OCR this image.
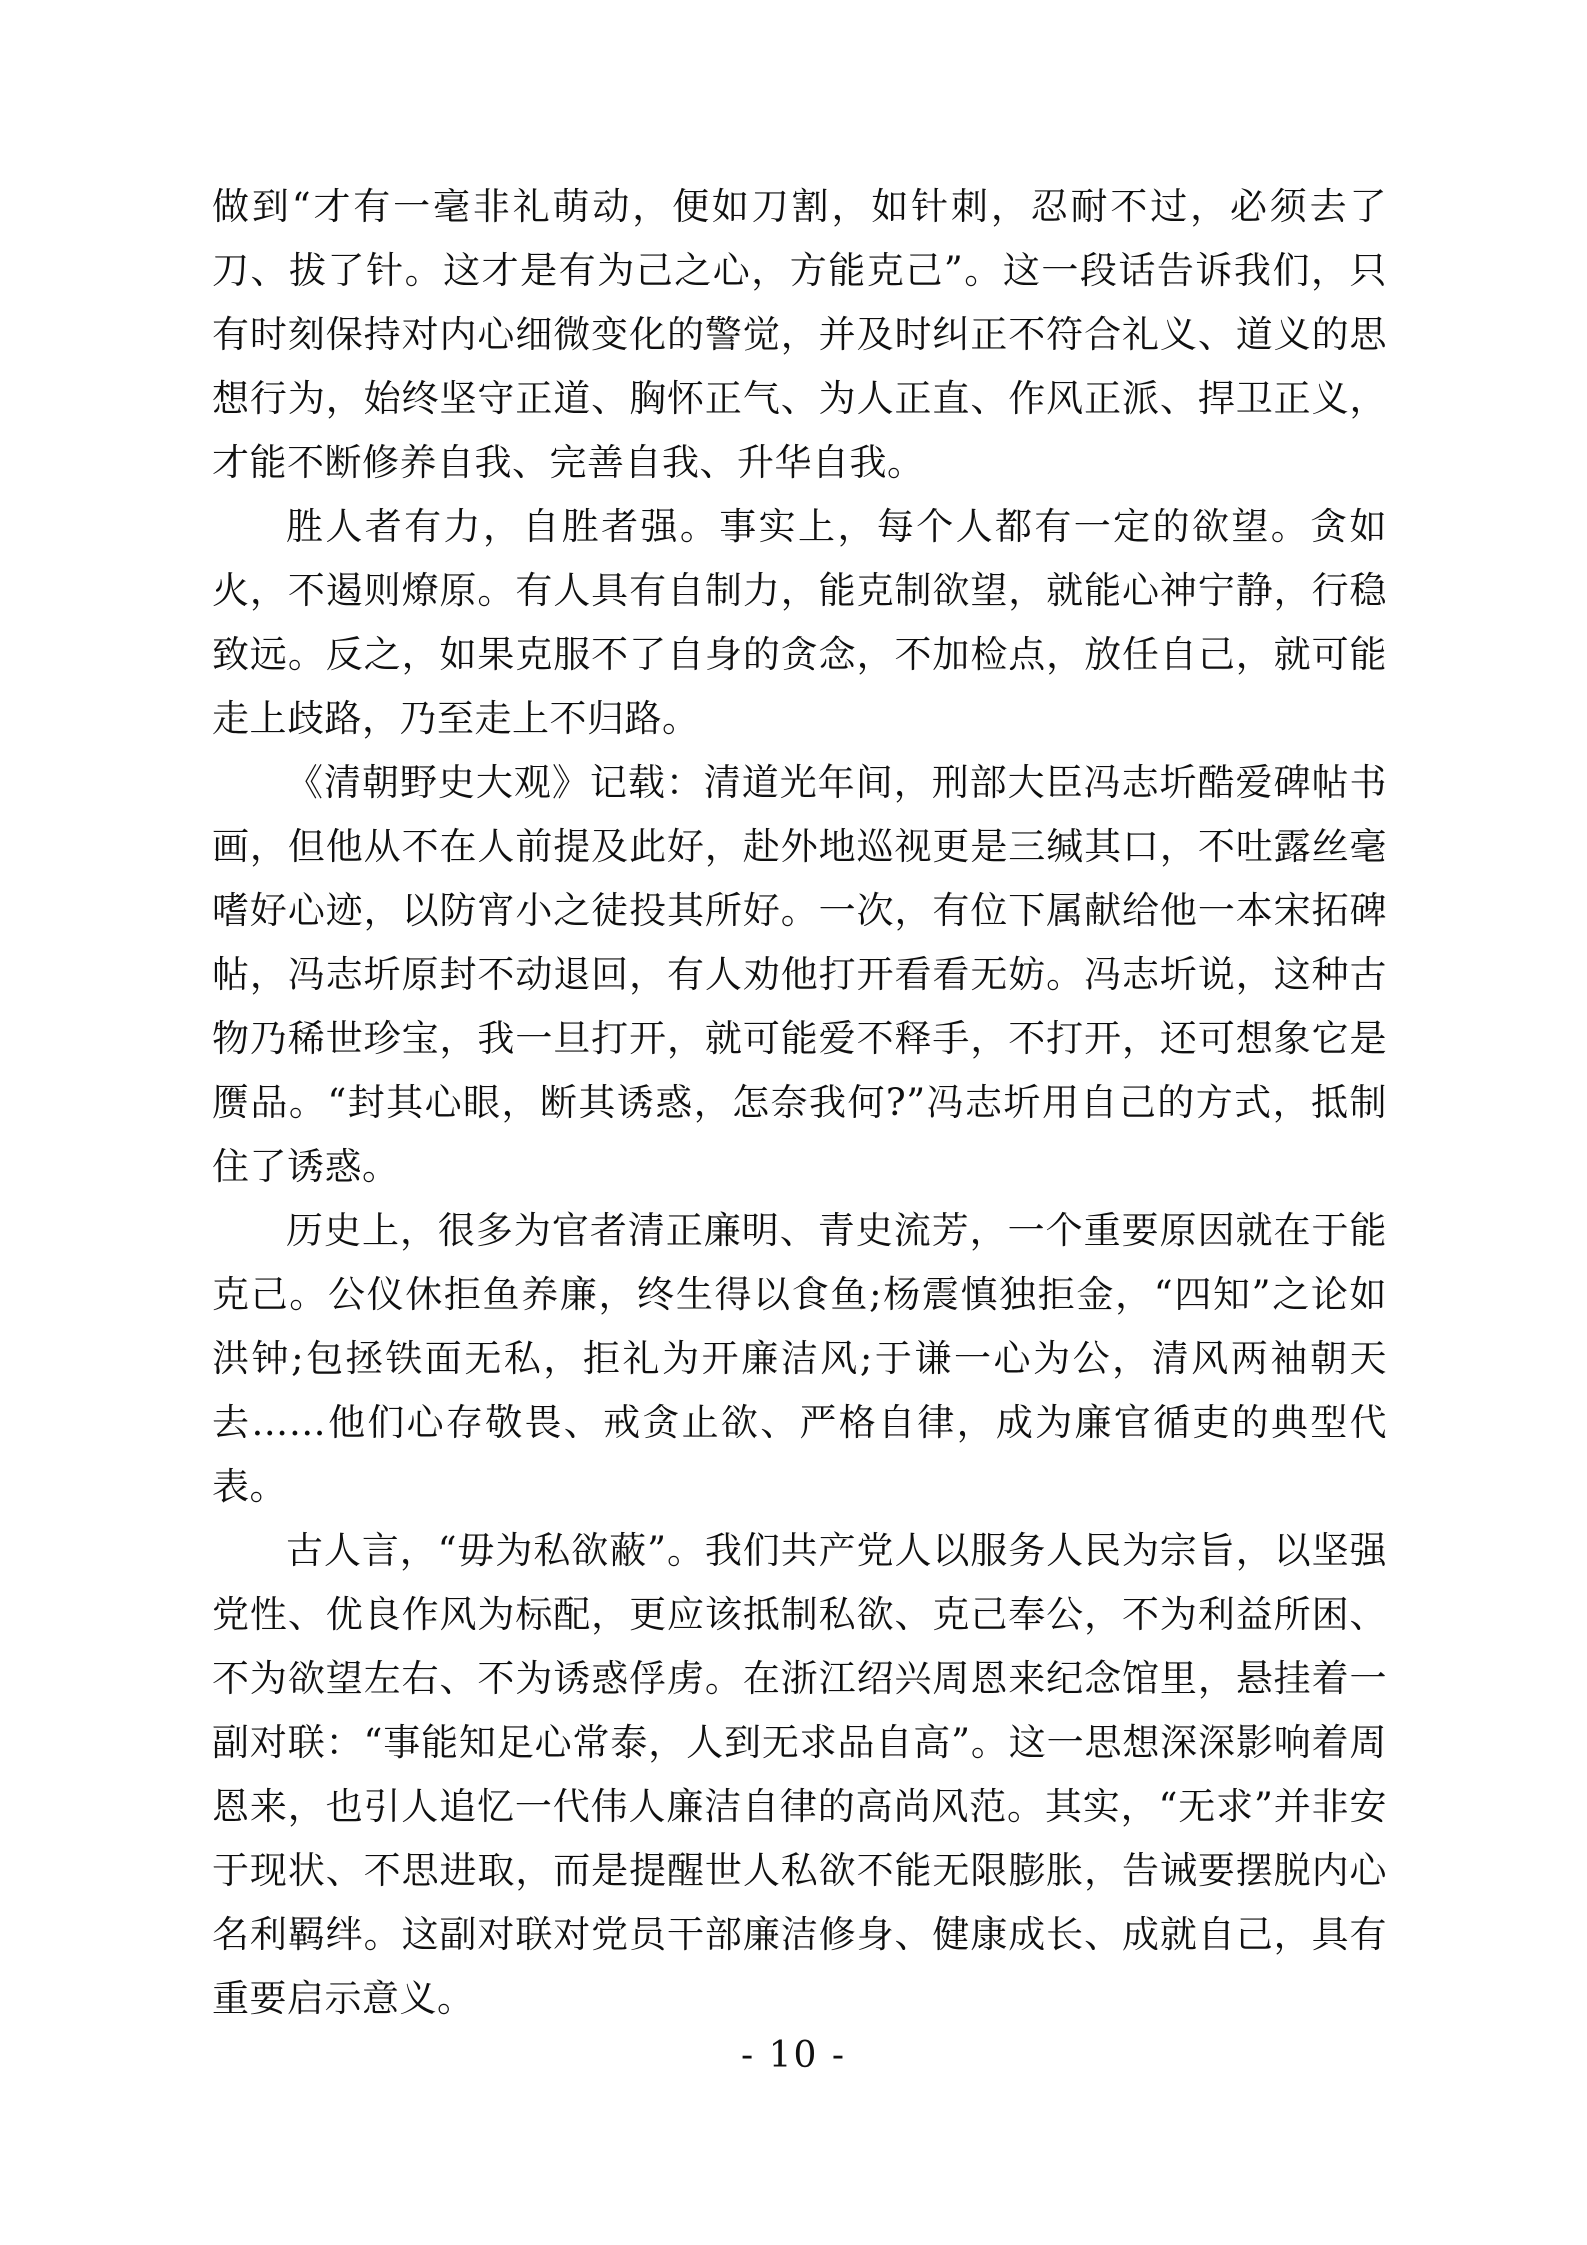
做到“才有一毫非礼萌动，便如刀割，如针刺，忍耐不过，必须去了刀、拔了针。这才是有为己之心，方能克己”。这一段话告诉我们，只有时刻保持对内心细微变化的警觉，并及时纠正不符合礼义、道义的思想行为，始终坚守正道、胸怀正气、为人正直、作风正派、捍卫正义，才能不断修养自我、完善自我、升华自我。

胜人者有力，自胜者强。事实上，每个人都有一定的欲望。贪如火，不遏则燎原。有人具有自制力，能克制欲望，就能心神宁静，行稳致远。反之，如果克服不了自身的贪念，不加检点，放任自己，就可能走上歧路，乃至走上不归路。

《清朝野史大观》记载：清道光年间，刑部大臣冯志圻酷爱碑帖书画，但他从不在人前提及此好，赴外地巡视更是三缄其口，不吐露丝毫嗜好心迹，以防宵小之徒投其所好。一次，有位下属献给他一本宋拓碑帖，冯志圻原封不动退回，有人劝他打开看看无妨。冯志圻说，这种古物乃稀世珍宝，我一旦打开，就可能爱不释手，不打开，还可想象它是赝品。“封其心眼，断其诱惑，怎奈我何?”冯志圻用自己的方式，抵制住了诱惑。

历史上，很多为官者清正廉明、青史流芳，一个重要原因就在于能克己。公仪休拒鱼养廉，终生得以食鱼;杨震慎独拒金，“四知”之论如洪钟;包拯铁面无私，拒礼为开廉洁风;于谦一心为公，清风两袖朝天去……他们心存敬畏、戒贪止欲、严格自律，成为廉官循吏的典型代表。

古人言，“毋为私欲蔽”。我们共产党人以服务人民为宗旨，以坚强党性、优良作风为标配，更应该抵制私欲、克己奉公，不为利益所困、不为欲望左右、不为诱惑俘虏。在浙江绍兴周恩来纪念馆里，悬挂着一副对联：“事能知足心常泰，人到无求品自高”。这一思想深深影响着周恩来，也引人追忆一代伟人廉洁自律的高尚风范。其实，“无求”并非安于现状、不思进取，而是提醒世人私欲不能无限膨胀，告诫要摆脱内心名利羁绊。这副对联对党员干部廉洁修身、健康成长、成就自己，具有重要启示意义。

- 10 -
